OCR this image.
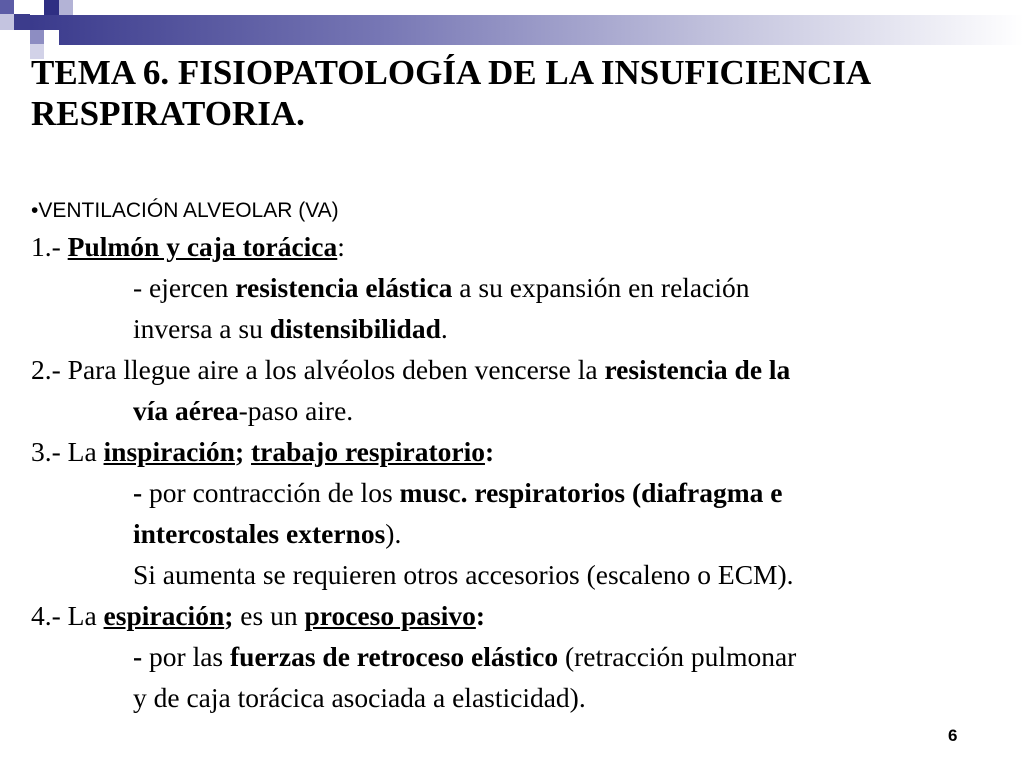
TEMA 6. FISIOPATOLOGÍA DE LA INSUFICIENCIA
RESPIRATORIA.
•VENTILACIÓN ALVEOLAR (VA)
1.- Pulmón y caja torácica:
- ejercen resistencia elástica a su expansión en relación
inversa a su distensibilidad.
2.- Para llegue aire a los alvéolos deben vencerse la resistencia de la
vía aérea-paso aire.
3.- La inspiración; trabajo respiratorio:
- por contracción de los musc. respiratorios (diafragma e
intercostales externos).
Si aumenta se requieren otros accesorios (escaleno o ECM).
4.- La espiración; es un proceso pasivo:
- por las fuerzas de retroceso elástico (retracción pulmonar
y de caja torácica asociada a elasticidad).
6
